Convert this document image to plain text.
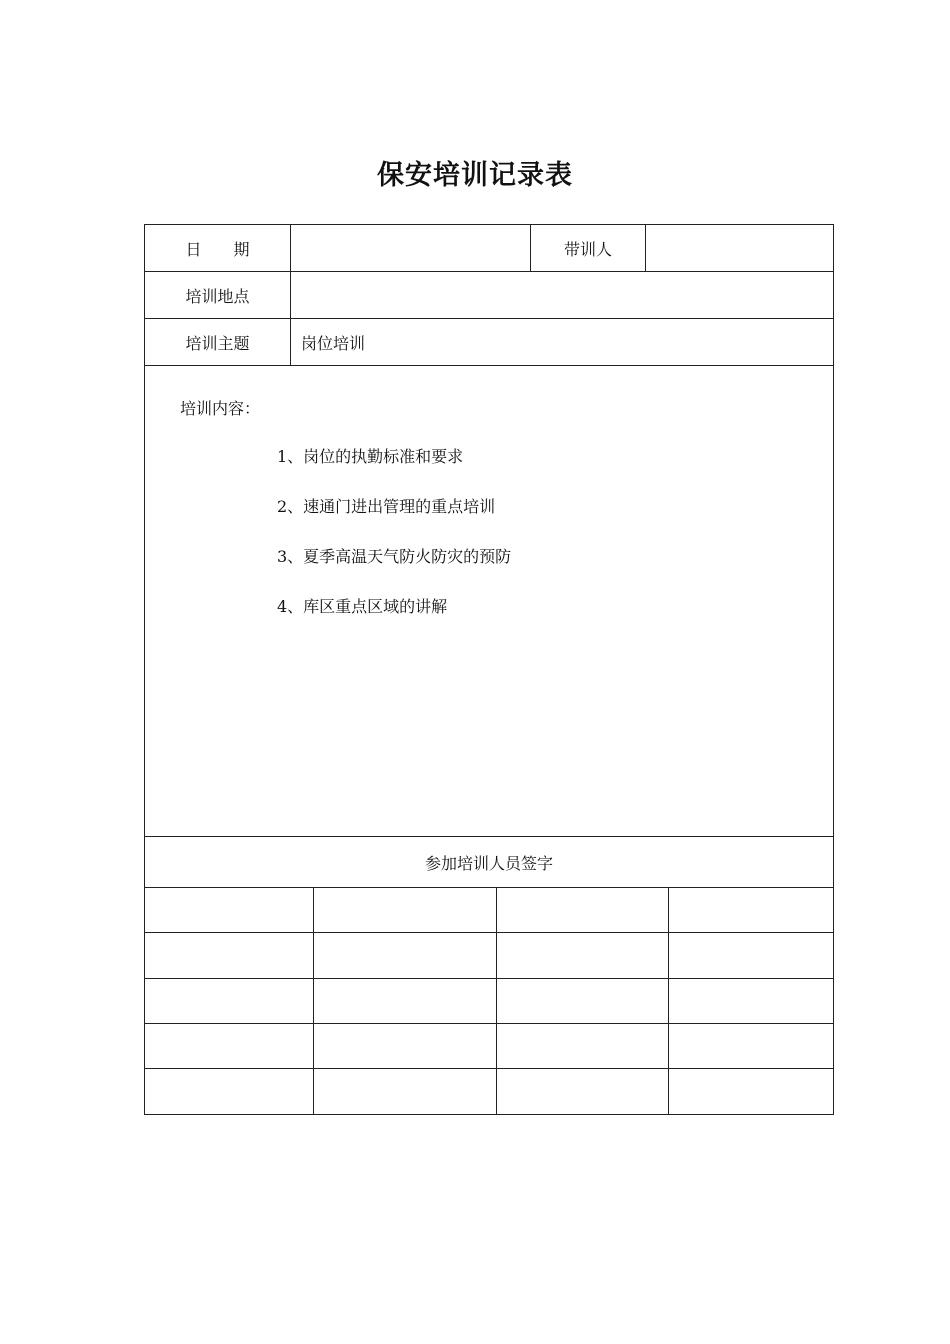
保安培训记录表
日　　期		带训人	
培训地点			
培训主题	岗位培训		

培训内容：
1、岗位的执勤标准和要求
2、速通门进出管理的重点培训
3、夏季高温天气防火防灾的预防
4、库区重点区域的讲解			
参加培训人员签字			
